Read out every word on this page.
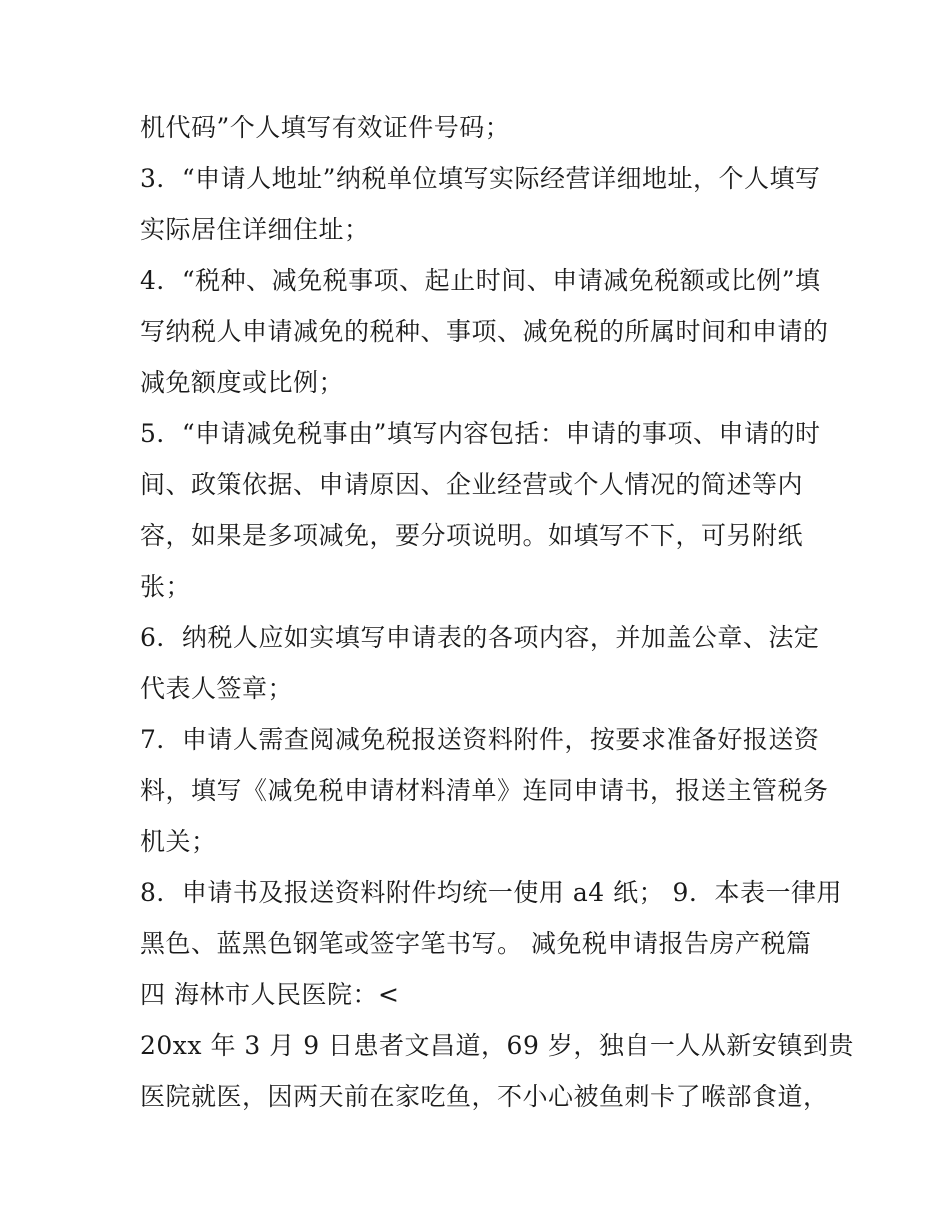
机代码”个人填写有效证件号码；
3．“申请人地址”纳税单位填写实际经营详细地址，个人填写
实际居住详细住址；
4．“税种、减免税事项、起止时间、申请减免税额或比例”填
写纳税人申请减免的税种、事项、减免税的所属时间和申请的
减免额度或比例；
5．“申请减免税事由”填写内容包括：申请的事项、申请的时
间、政策依据、申请原因、企业经营或个人情况的简述等内
容，如果是多项减免，要分项说明。如填写不下，可另附纸
张；
6．纳税人应如实填写申请表的各项内容，并加盖公章、法定
代表人签章；
7．申请人需查阅减免税报送资料附件，按要求准备好报送资
料，填写《减免税申请材料清单》连同申请书，报送主管税务
机关；
8．申请书及报送资料附件均统一使用 a4 纸； 9．本表一律用
黑色、蓝黑色钢笔或签字笔书写。 减免税申请报告房产税篇
四 海林市人民医院：<
20xx 年 3 月 9 日患者文昌道，69 岁，独自一人从新安镇到贵
医院就医，因两天前在家吃鱼，不小心被鱼刺卡了喉部食道，
